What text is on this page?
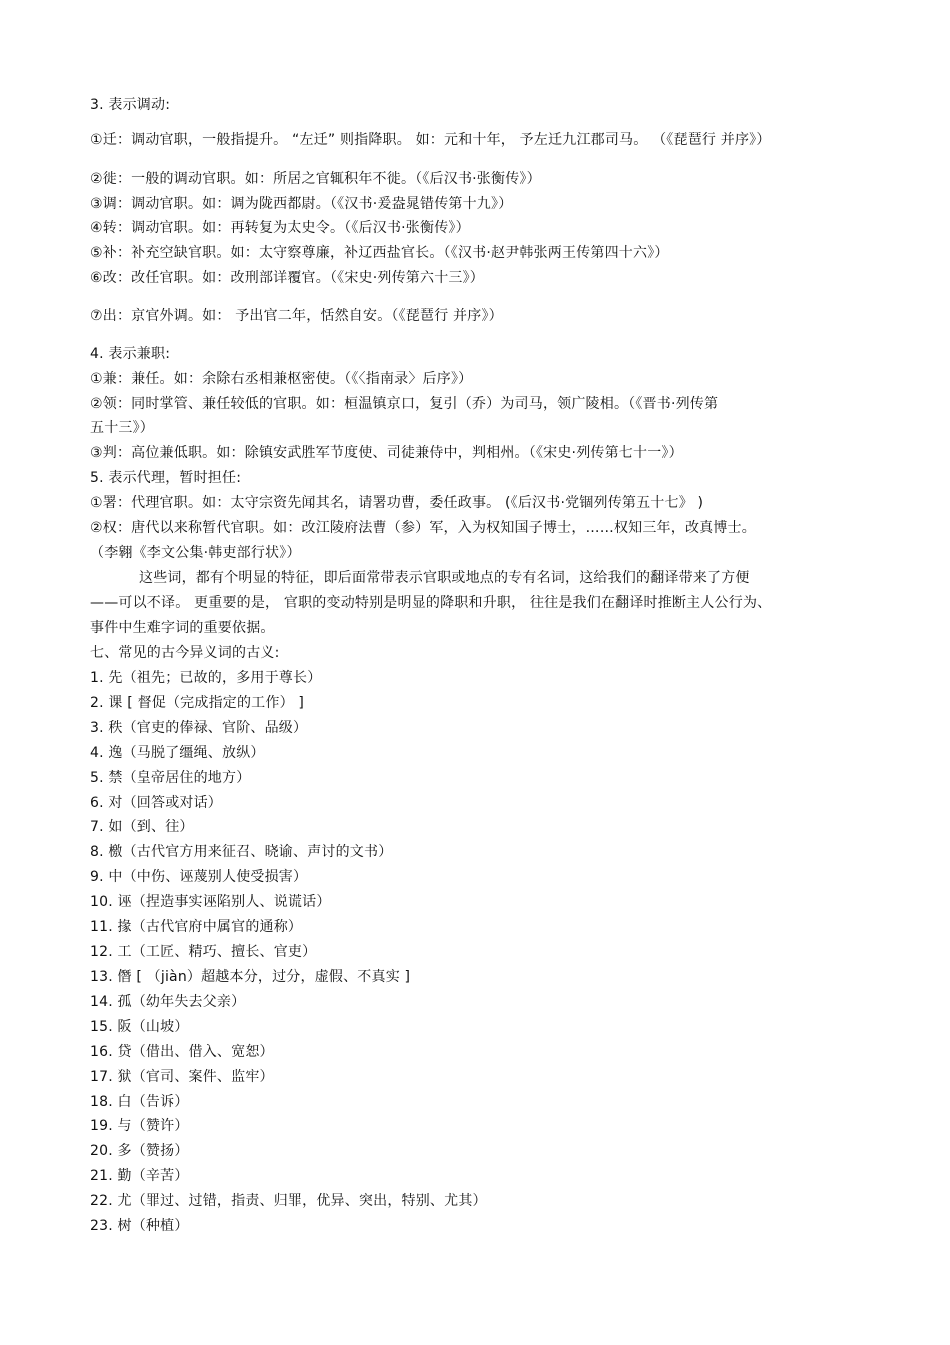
3. 表示调动:
①迁：调动官职，一般指提升。 “左迁” 则指降职。 如：元和十年， 予左迁九江郡司马。 （《琵琶行 并序》）
②徙：一般的调动官职。如：所居之官辄积年不徙。（《后汉书·张衡传》）
③调：调动官职。如：调为陇西都尉。（《汉书·爰盎晁错传第十九》）
④转：调动官职。如：再转复为太史令。（《后汉书·张衡传》）
⑤补：补充空缺官职。如：太守察尊廉，补辽西盐官长。（《汉书·赵尹韩张两王传第四十六》）
⑥改：改任官职。如：改刑部详覆官。（《宋史·列传第六十三》）
⑦出：京官外调。如： 予出官二年，恬然自安。（《琵琶行 并序》）
4. 表示兼职:
①兼：兼任。如：余除右丞相兼枢密使。（《〈指南录〉后序》）
②领：同时掌管、兼任较低的官职。如：桓温镇京口，复引（乔）为司马，领广陵相。（《晋书·列传第
五十三》）
③判：高位兼低职。如：除镇安武胜军节度使、司徒兼侍中，判相州。（《宋史·列传第七十一》）
5. 表示代理，暂时担任:
①署：代理官职。如：太守宗资先闻其名，请署功曹，委任政事。 (《后汉书·党锢列传第五十七》 )
②权：唐代以来称暂代官职。如：改江陵府法曹（参）军，入为权知国子博士，……权知三年，改真博士。
（李翱《李文公集·韩吏部行状》）
这些词，都有个明显的特征，即后面常带表示官职或地点的专有名词，这给我们的翻译带来了方便
——可以不译。 更重要的是， 官职的变动特别是明显的降职和升职， 往往是我们在翻译时推断主人公行为、
事件中生难字词的重要依据。
七、常见的古今异义词的古义:
1. 先（祖先；已故的，多用于尊长）
2. 课 [ 督促（完成指定的工作） ]
3. 秩（官吏的俸禄、官阶、品级）
4. 逸（马脱了缰绳、放纵）
5. 禁（皇帝居住的地方）
6. 对（回答或对话）
7. 如（到、往）
8. 檄（古代官方用来征召、晓谕、声讨的文书）
9. 中（中伤、诬蔑别人使受损害）
10. 诬（捏造事实诬陷别人、说谎话）
11. 掾（古代官府中属官的通称）
12. 工（工匠、精巧、擅长、官吏）
13. 僭 [ （jiàn）超越本分，过分，虚假、不真实 ]
14. 孤（幼年失去父亲）
15. 阪（山坡）
16. 贷（借出、借入、宽恕）
17. 狱（官司、案件、监牢）
18. 白（告诉）
19. 与（赞许）
20. 多（赞扬）
21. 勤（辛苦）
22. 尤（罪过、过错，指责、归罪，优异、突出，特别、尤其）
23. 树（种植）
